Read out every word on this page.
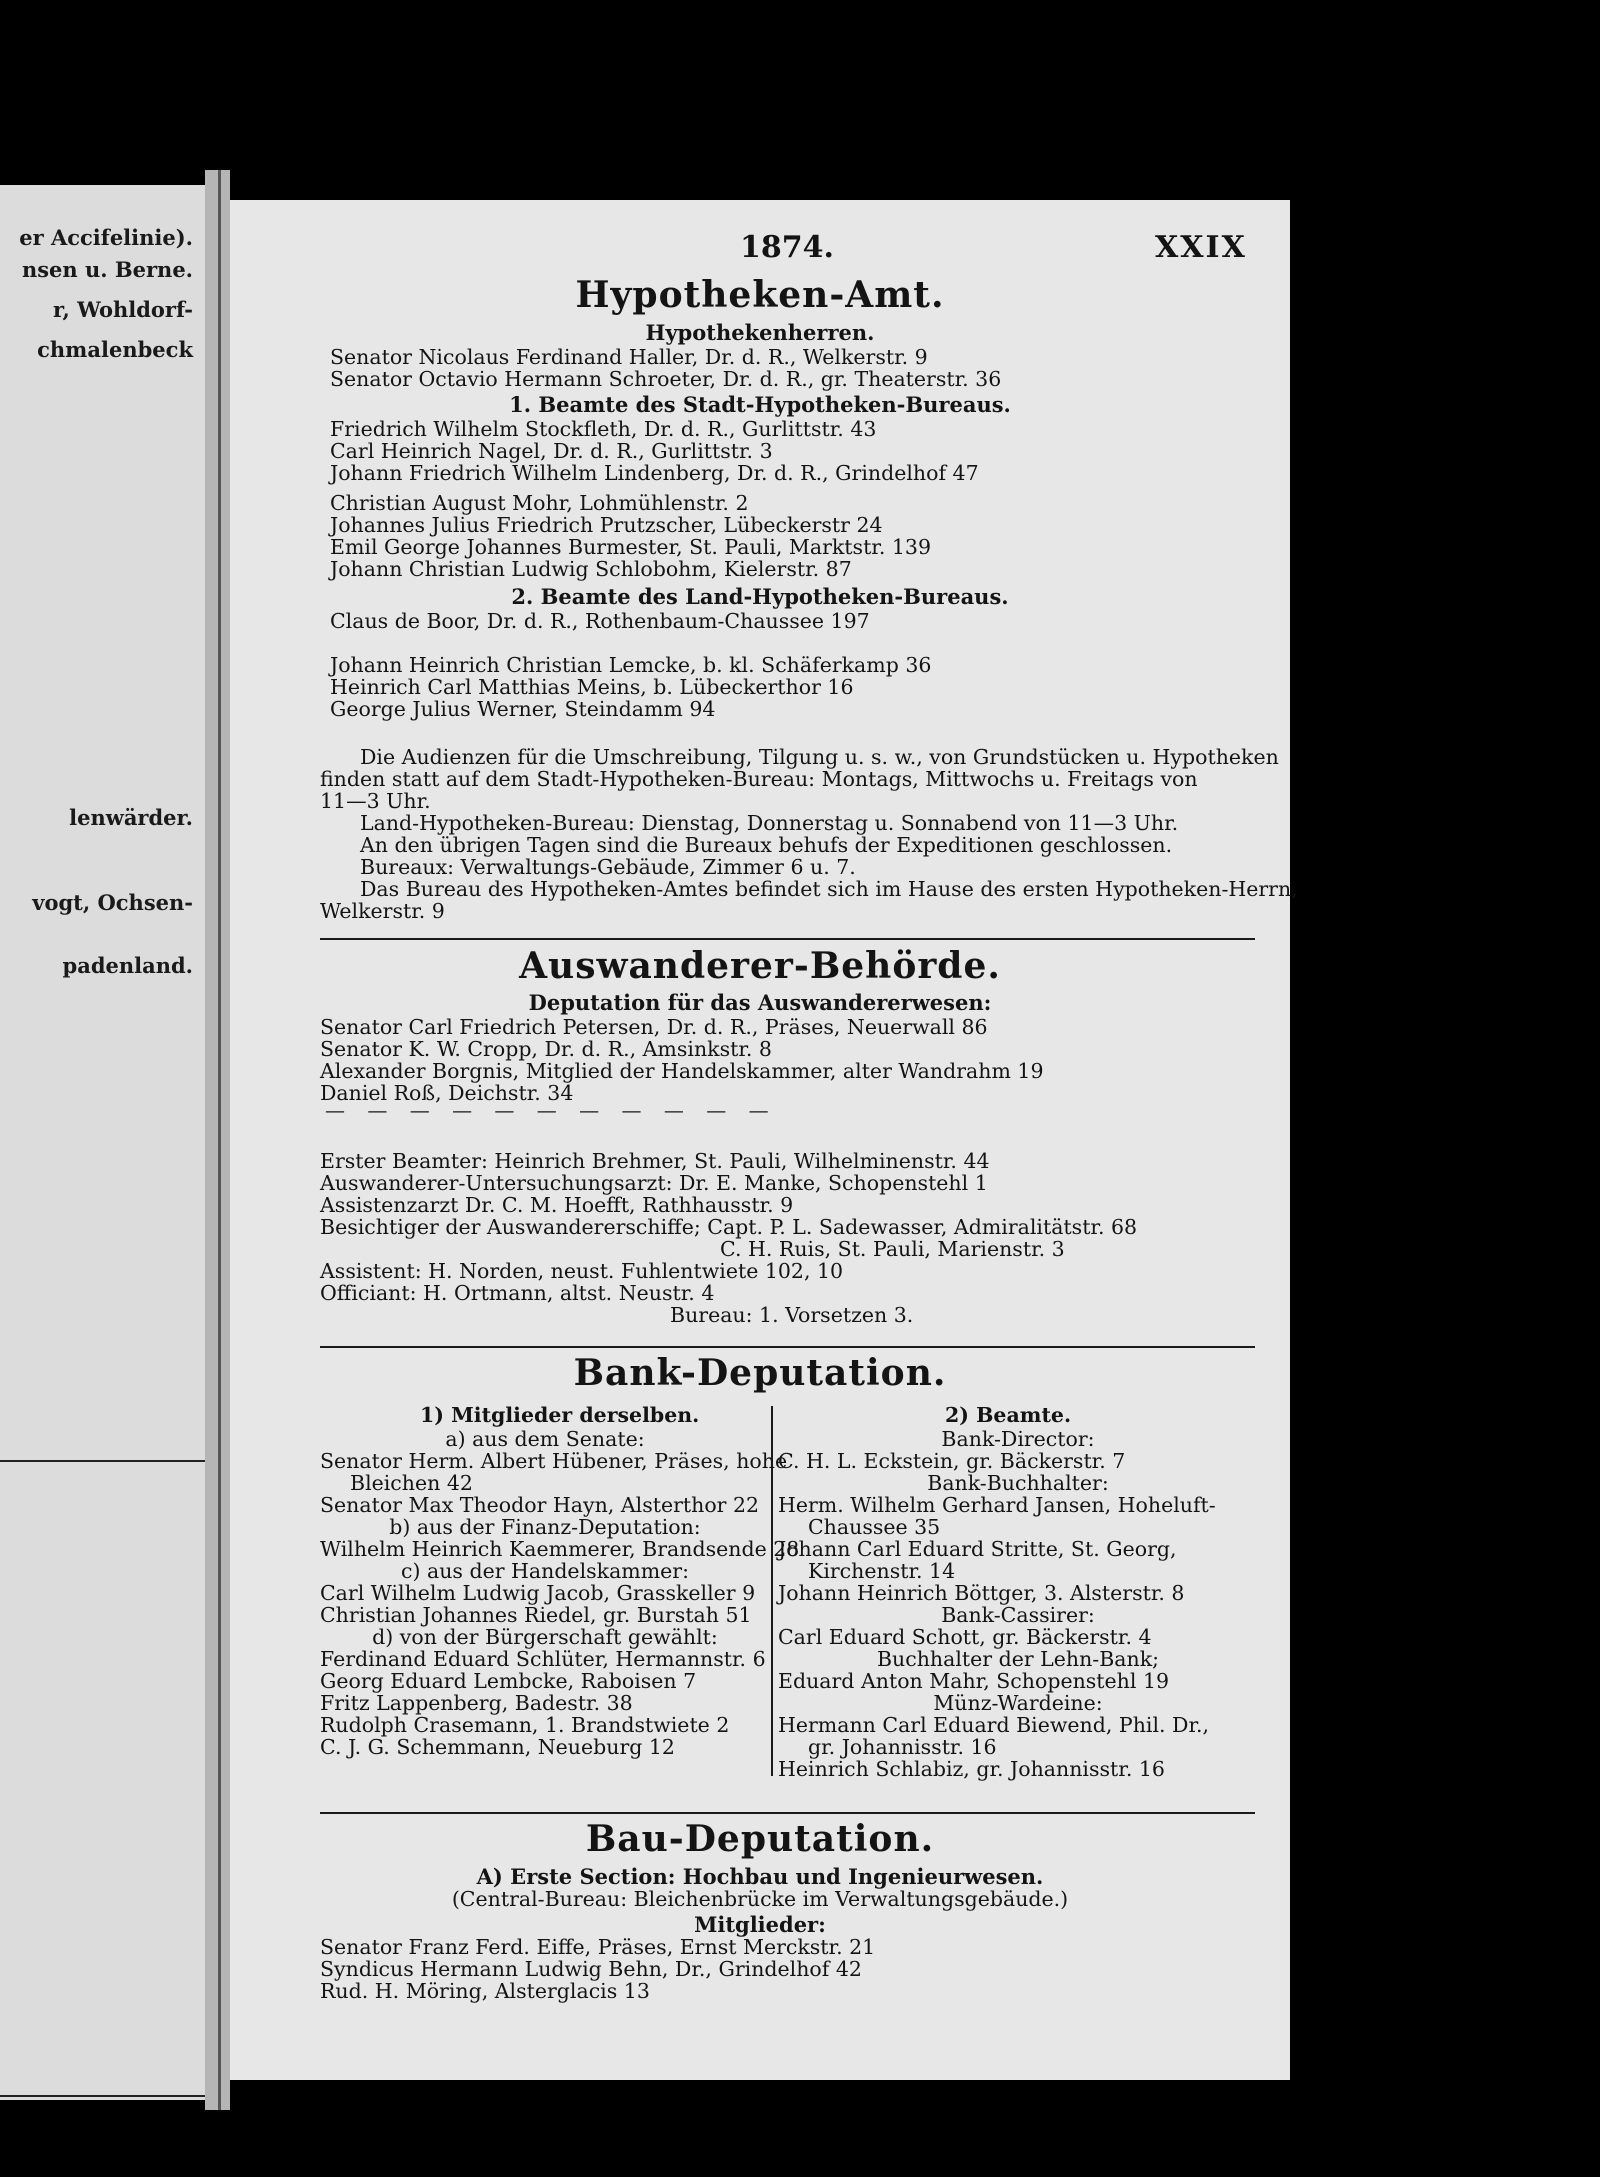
er Accifelinie).
nsen u. Berne.
r, Wohldorf-
chmalenbeck
lenwärder.
vogt, Ochsen-
padenland.
1874.	XXIX
Hypotheken-Amt.
Hypothekenherren.
Senator Nicolaus Ferdinand Haller, Dr. d. R., Welkerstr. 9
Senator Octavio Hermann Schroeter, Dr. d. R., gr. Theaterstr. 36
1. Beamte des Stadt-Hypotheken-Bureaus.
Friedrich Wilhelm Stockfleth, Dr. d. R., Gurlittstr. 43
Carl Heinrich Nagel, Dr. d. R., Gurlittstr. 3
Johann Friedrich Wilhelm Lindenberg, Dr. d. R., Grindelhof 47
Christian August Mohr, Lohmühlenstr. 2
Johannes Julius Friedrich Prutzscher, Lübeckerstr 24
Emil George Johannes Burmester, St. Pauli, Marktstr. 139
Johann Christian Ludwig Schlobohm, Kielerstr. 87
2. Beamte des Land-Hypotheken-Bureaus.
Claus de Boor, Dr. d. R., Rothenbaum-Chaussee 197
Johann Heinrich Christian Lemcke, b. kl. Schäferkamp 36
Heinrich Carl Matthias Meins, b. Lübeckerthor 16
George Julius Werner, Steindamm 94
Die Audienzen für die Umschreibung, Tilgung u. s. w., von Grundstücken u. Hypotheken
finden statt auf dem Stadt-Hypotheken-Bureau: Montags, Mittwochs u. Freitags von
11—3 Uhr.
Land-Hypotheken-Bureau: Dienstag, Donnerstag u. Sonnabend von 11—3 Uhr.
An den übrigen Tagen sind die Bureaux behufs der Expeditionen geschlossen.
Bureaux: Verwaltungs-Gebäude, Zimmer 6 u. 7.
Das Bureau des Hypotheken-Amtes befindet sich im Hause des ersten Hypotheken-Herrn,
Welkerstr. 9
Auswanderer-Behörde.
Deputation für das Auswandererwesen:
Senator Carl Friedrich Petersen, Dr. d. R., Präses, Neuerwall 86
Senator K. W. Cropp, Dr. d. R., Amsinkstr. 8
Alexander Borgnis, Mitglied der Handelskammer, alter Wandrahm 19
Daniel Roß, Deichstr. 34
— — — — — — — — — — —
Erster Beamter: Heinrich Brehmer, St. Pauli, Wilhelminenstr. 44
Auswanderer-Untersuchungsarzt: Dr. E. Manke, Schopenstehl 1
Assistenzarzt Dr. C. M. Hoefft, Rathhausstr. 9
Besichtiger der Auswandererschiffe; Capt. P. L. Sadewasser, Admiralitätstr. 68
C. H. Ruis, St. Pauli, Marienstr. 3
Assistent: H. Norden, neust. Fuhlentwiete 102, 10
Officiant: H. Ortmann, altst. Neustr. 4
Bureau: 1. Vorsetzen 3.
Bank-Deputation.
1) Mitglieder derselben.	2) Beamte.
Bau-Deputation.
A) Erste Section: Hochbau und Ingenieurwesen.
(Central-Bureau: Bleichenbrücke im Verwaltungsgebäude.)
Mitglieder:
Senator Franz Ferd. Eiffe, Präses, Ernst Merckstr. 21
Syndicus Hermann Ludwig Behn, Dr., Grindelhof 42
Rud. H. Möring, Alsterglacis 13
a) aus dem Senate:
Senator Herm. Albert Hübener, Präses, hohe
Bleichen 42
Senator Max Theodor Hayn, Alsterthor 22
b) aus der Finanz-Deputation:
Wilhelm Heinrich Kaemmerer, Brandsende 28
c) aus der Handelskammer:
Carl Wilhelm Ludwig Jacob, Grasskeller 9
Christian Johannes Riedel, gr. Burstah 51
d) von der Bürgerschaft gewählt:
Ferdinand Eduard Schlüter, Hermannstr. 6
Georg Eduard Lembcke, Raboisen 7
Fritz Lappenberg, Badestr. 38
Rudolph Crasemann, 1. Brandstwiete 2
C. J. G. Schemmann, Neueburg 12
Bank-Director:
C. H. L. Eckstein, gr. Bäckerstr. 7
Bank-Buchhalter:
Herm. Wilhelm Gerhard Jansen, Hoheluft-
Chaussee 35
Johann Carl Eduard Stritte, St. Georg,
Kirchenstr. 14
Johann Heinrich Böttger, 3. Alsterstr. 8
Bank-Cassirer:
Carl Eduard Schott, gr. Bäckerstr. 4
Buchhalter der Lehn-Bank;
Eduard Anton Mahr, Schopenstehl 19
Münz-Wardeine:
Hermann Carl Eduard Biewend, Phil. Dr.,
gr. Johannisstr. 16
Heinrich Schlabiz, gr. Johannisstr. 16
